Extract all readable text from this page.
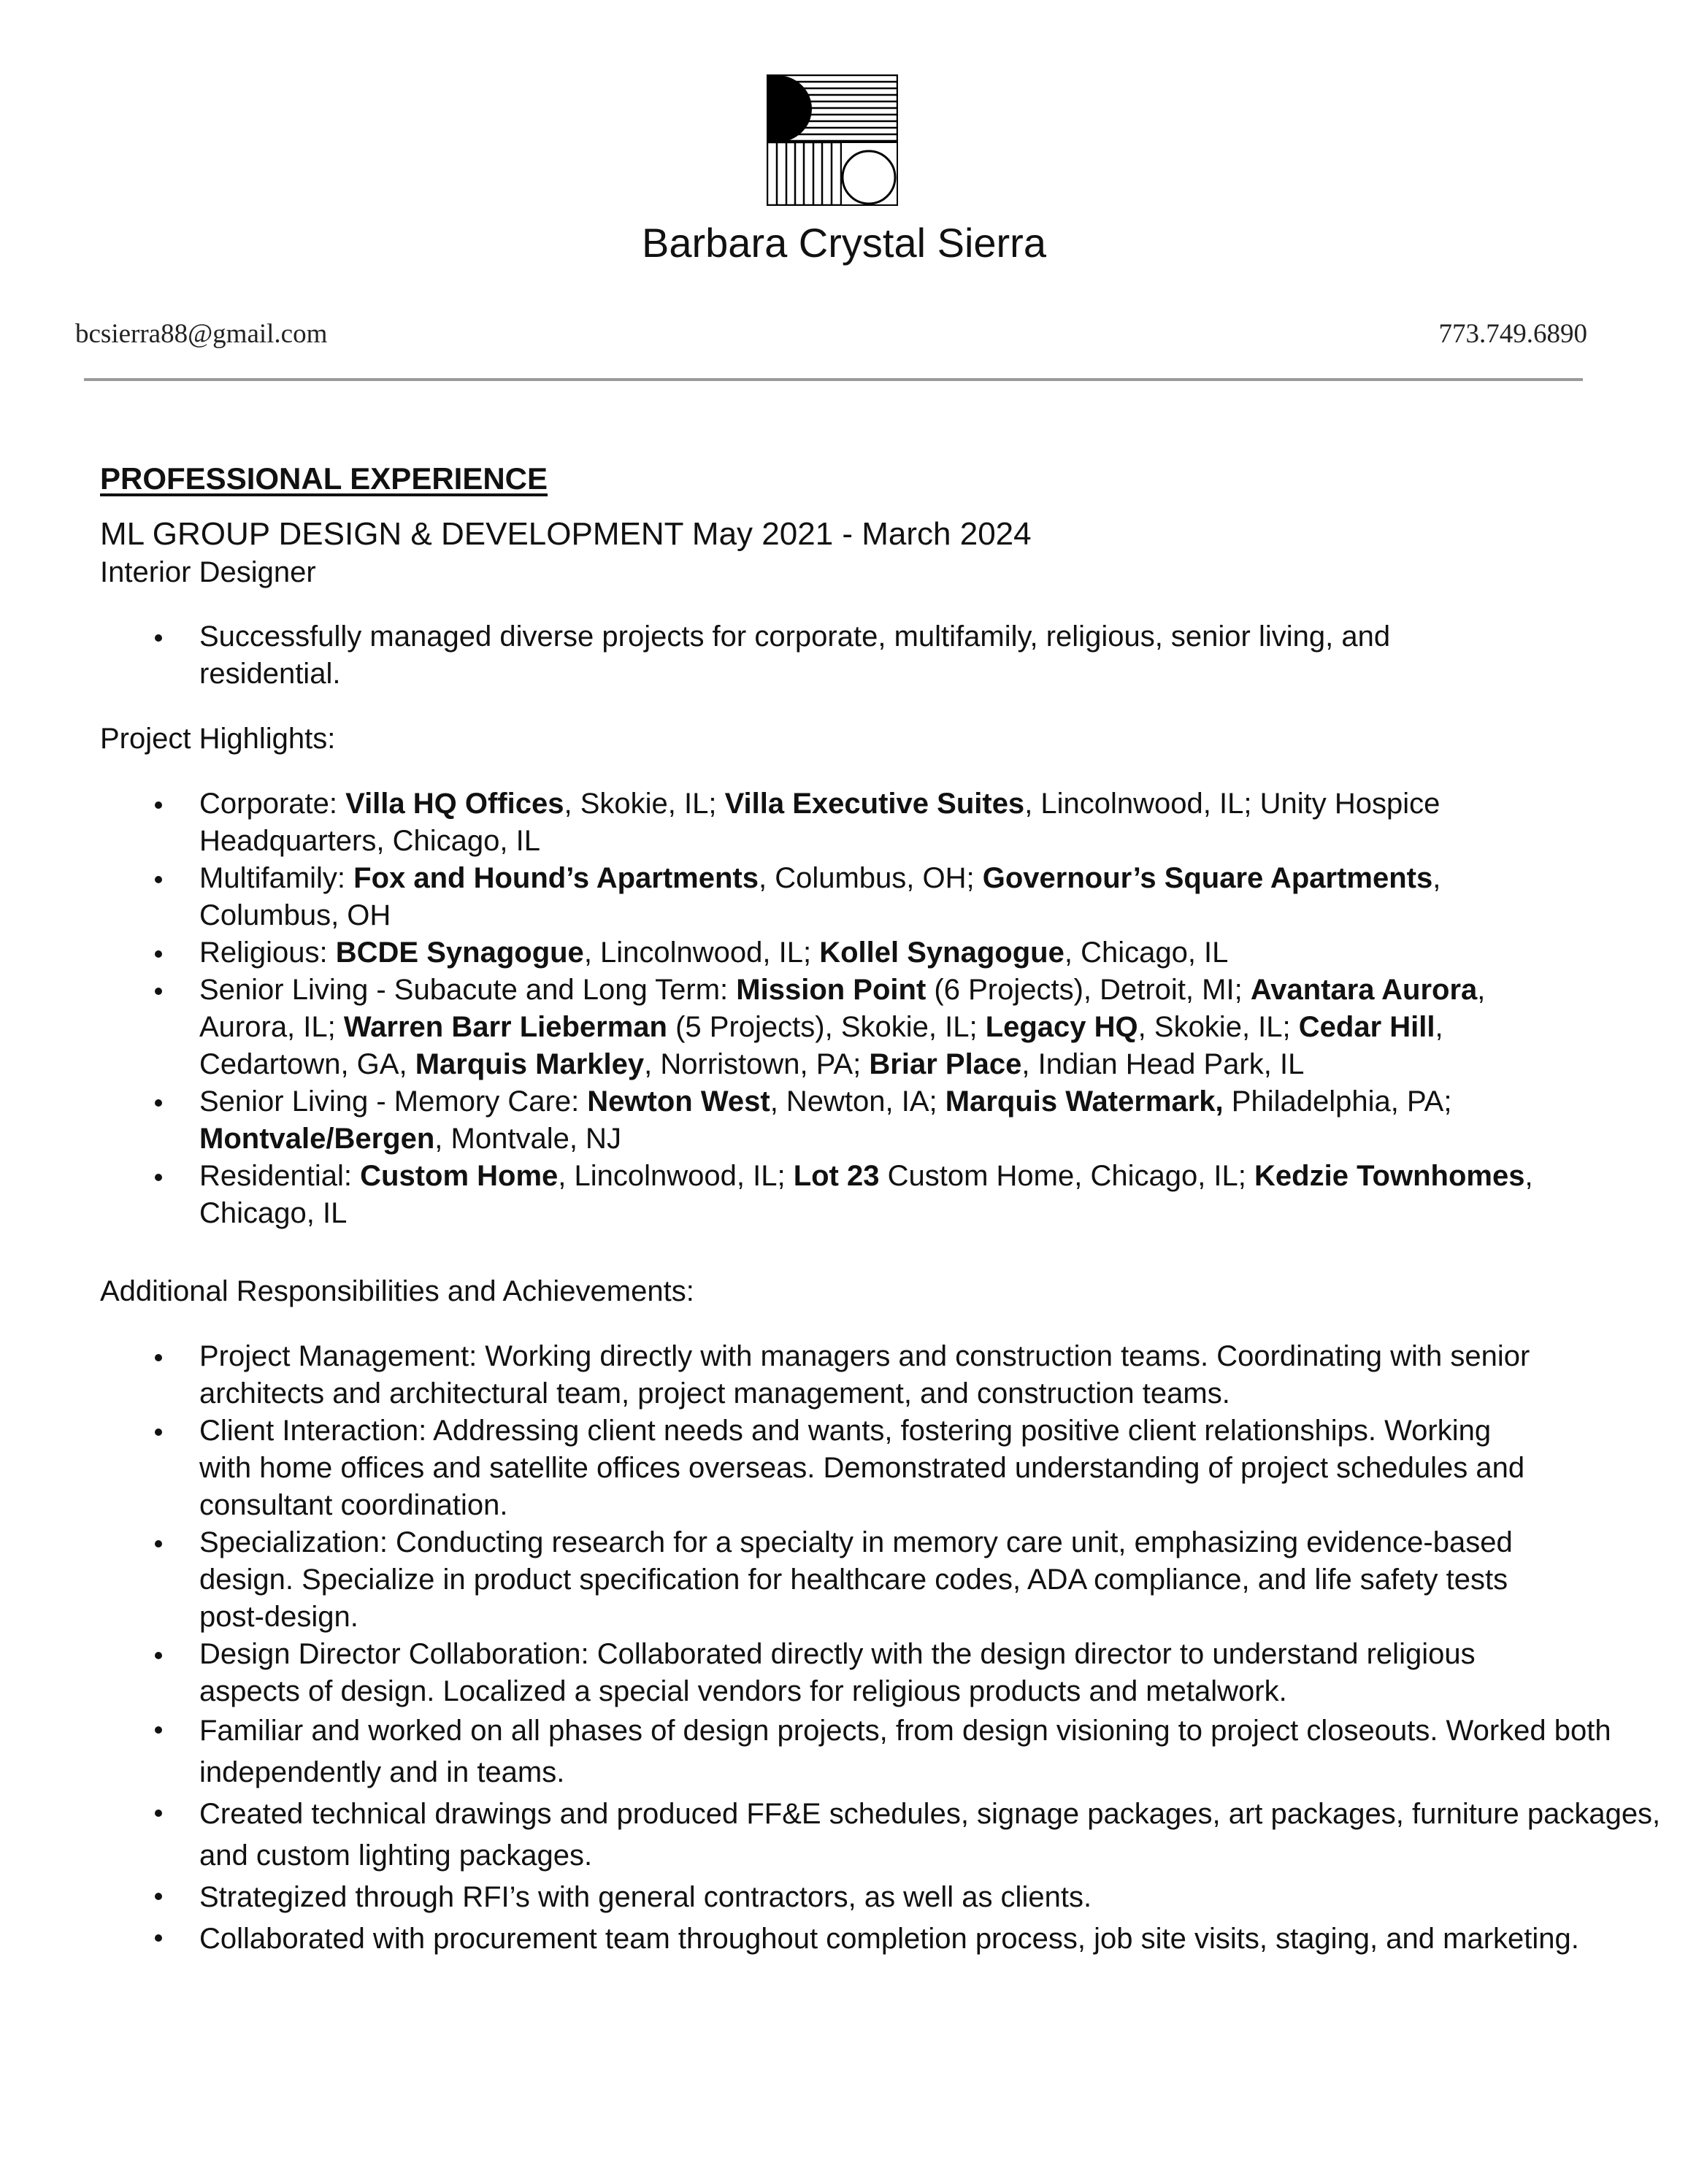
Barbara Crystal Sierra
bcsierra88@gmail.com	773.749.6890
PROFESSIONAL EXPERIENCE
ML GROUP DESIGN & DEVELOPMENT May 2021 - March 2024
Interior Designer
Successfully managed diverse projects for corporate, multifamily, religious, senior living, and residential.
Project Highlights:
Corporate: Villa HQ Offices, Skokie, IL; Villa Executive Suites, Lincolnwood, IL; Unity Hospice Headquarters, Chicago, IL
Multifamily: Fox and Hound’s Apartments, Columbus, OH; Governour’s Square Apartments, Columbus, OH
Religious: BCDE Synagogue, Lincolnwood, IL; Kollel Synagogue, Chicago, IL
Senior Living - Subacute and Long Term: Mission Point (6 Projects), Detroit, MI; Avantara Aurora, Aurora, IL; Warren Barr Lieberman (5 Projects), Skokie, IL; Legacy HQ, Skokie, IL; Cedar Hill, Cedartown, GA, Marquis Markley, Norristown, PA; Briar Place, Indian Head Park, IL
Senior Living - Memory Care: Newton West, Newton, IA; Marquis Watermark, Philadelphia, PA; Montvale/Bergen, Montvale, NJ
Residential: Custom Home, Lincolnwood, IL; Lot 23 Custom Home, Chicago, IL; Kedzie Townhomes, Chicago, IL
Additional Responsibilities and Achievements:
Project Management: Working directly with managers and construction teams. Coordinating with senior architects and architectural team, project management, and construction teams.
Client Interaction: Addressing client needs and wants, fostering positive client relationships. Working with home offices and satellite offices overseas. Demonstrated understanding of project schedules and consultant coordination.
Specialization: Conducting research for a specialty in memory care unit, emphasizing evidence-based design. Specialize in product specification for healthcare codes, ADA compliance, and life safety tests post-design.
Design Director Collaboration: Collaborated directly with the design director to understand religious aspects of design. Localized a special vendors for religious products and metalwork.
Familiar and worked on all phases of design projects, from design visioning to project closeouts. Worked both independently and in teams.
Created technical drawings and produced FF&E schedules, signage packages, art packages, furniture packages, and custom lighting packages.
Strategized through RFI’s with general contractors, as well as clients.
Collaborated with procurement team throughout completion process, job site visits, staging, and marketing.
